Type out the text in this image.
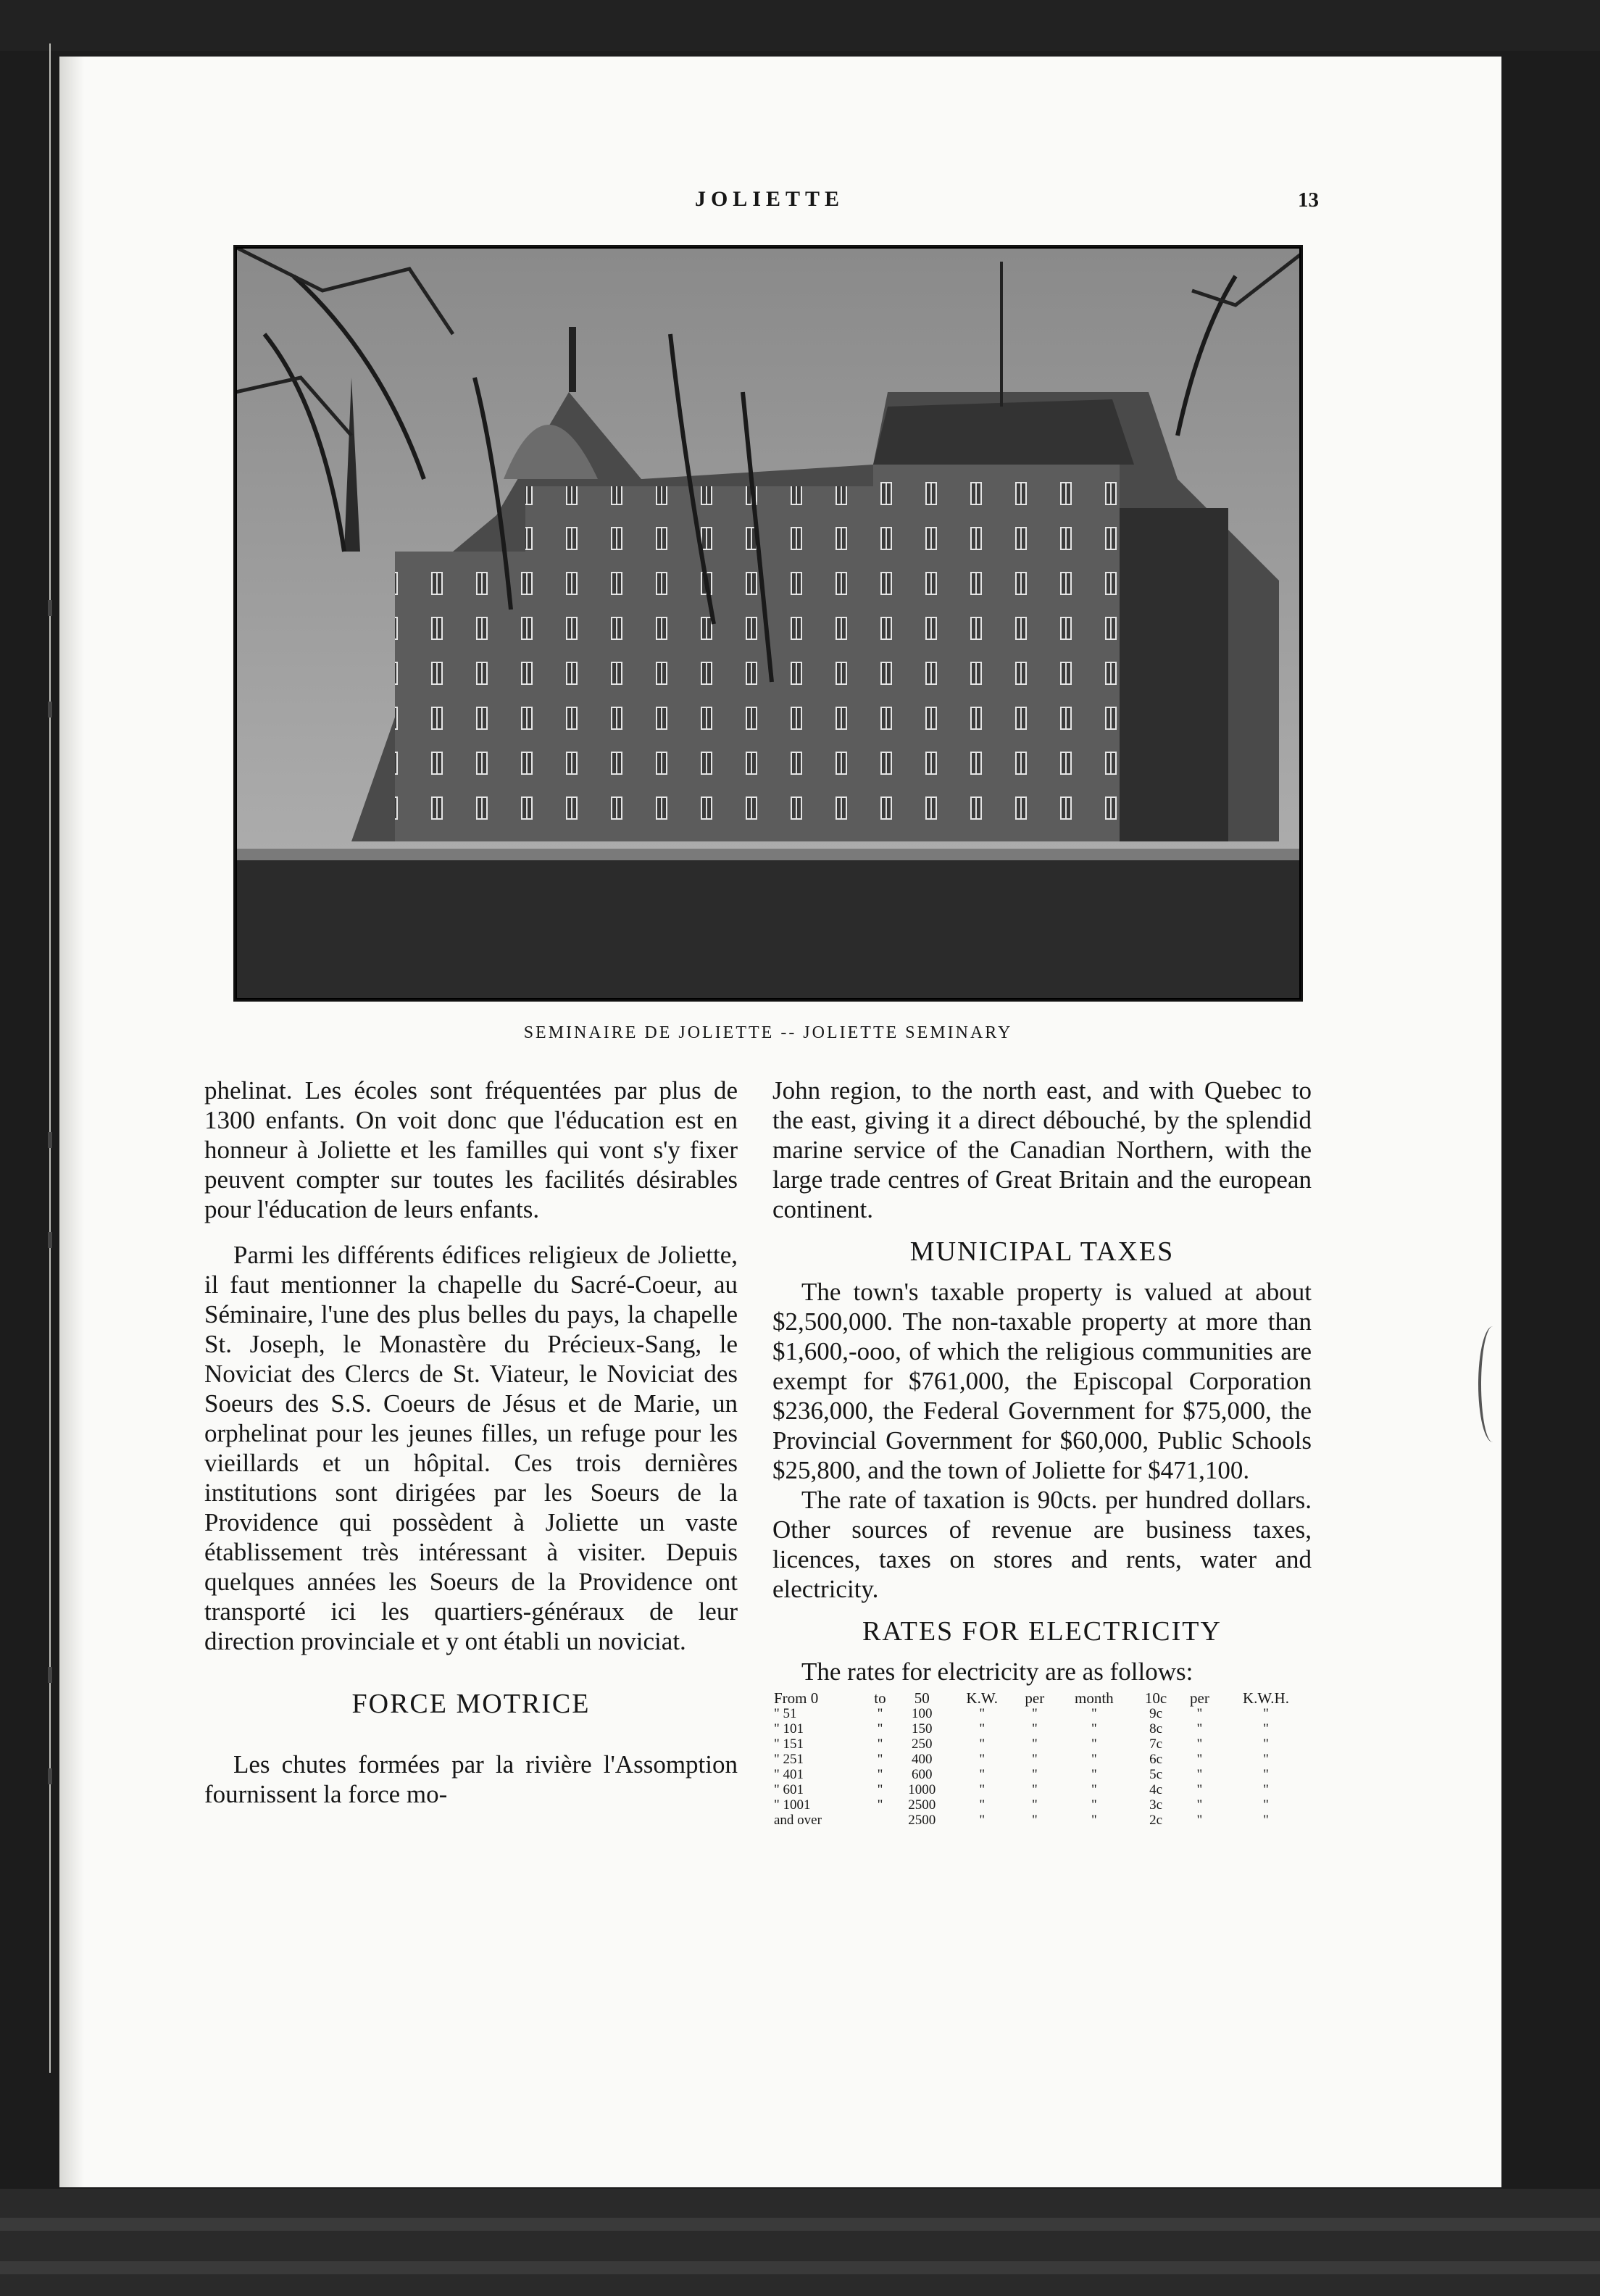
JOLIETTE	13
SEMINAIRE DE JOLIETTE -- JOLIETTE SEMINARY

phelinat. Les écoles sont fréquentées par plus de 1300 enfants. On voit donc que l'éducation est en honneur à Joliette et les familles qui vont s'y fixer peuvent compter sur toutes les facilités désirables pour l'éducation de leurs enfants.

Parmi les différents édifices religieux de Joliette, il faut mentionner la chapelle du Sacré-Coeur, au Séminaire, l'une des plus belles du pays, la chapelle St. Joseph, le Monastère du Précieux-Sang, le Noviciat des Clercs de St. Viateur, le Noviciat des Soeurs des S.S. Coeurs de Jésus et de Marie, un orphelinat pour les jeunes filles, un refuge pour les vieillards et un hôpital. Ces trois dernières institutions sont dirigées par les Soeurs de la Providence qui possèdent à Joliette un vaste établissement très intéressant à visiter. Depuis quelques années les Soeurs de la Providence ont transporté ici les quartiers-généraux de leur direction provinciale et y ont établi un noviciat.

FORCE MOTRICE

Les chutes formées par la rivière l'Assomption fournissent la force mo-

John region, to the north east, and with Quebec to the east, giving it a direct débouché, by the splendid marine service of the Canadian Northern, with the large trade centres of Great Britain and the european continent.

MUNICIPAL TAXES

The town's taxable property is valued at about $2,500,000. The non-taxable property at more than $1,600,-ooo, of which the religious communities are exempt for $761,000, the Episcopal Corporation $236,000, the Federal Government for $75,000, the Provincial Government for $60,000, Public Schools $25,800, and the town of Joliette for $471,100.

The rate of taxation is 90cts. per hundred dollars. Other sources of revenue are business taxes, licences, taxes on stores and rents, water and electricity.

RATES FOR ELECTRICITY

The rates for electricity are as follows:

From 0	to	50	K.W.	per	month	10c	per	K.W.H.
" 51	"	100	"	"	"	9c	"	"
" 101	"	150	"	"	"	8c	"	"
" 151	"	250	"	"	"	7c	"	"
" 251	"	400	"	"	"	6c	"	"
" 401	"	600	"	"	"	5c	"	"
" 601	"	1000	"	"	"	4c	"	"
" 1001	"	2500	"	"	"	3c	"	"
and over		2500	"	"	"	2c	"	"
